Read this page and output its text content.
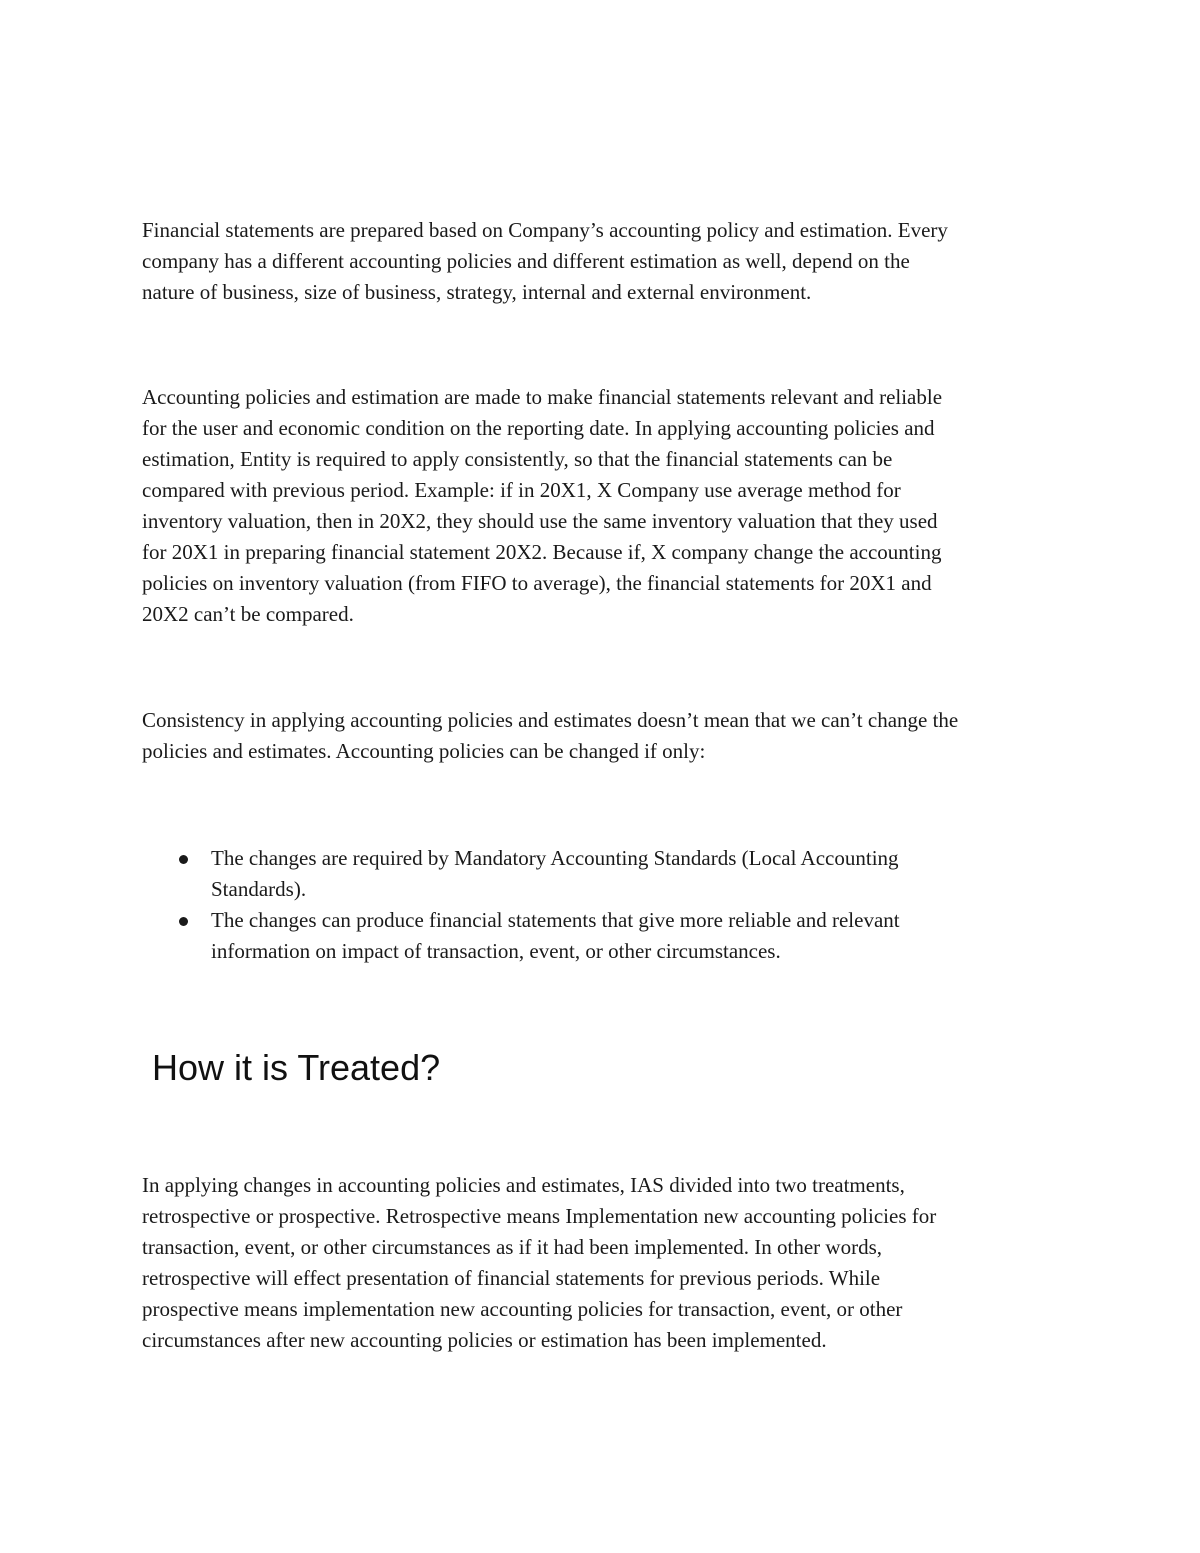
Financial statements are prepared based on Company’s accounting policy and estimation. Every
company has a different accounting policies and different estimation as well, depend on the
nature of business, size of business, strategy, internal and external environment.

Accounting policies and estimation are made to make financial statements relevant and reliable
for the user and economic condition on the reporting date. In applying accounting policies and
estimation, Entity is required to apply consistently, so that the financial statements can be
compared with previous period. Example: if in 20X1, X Company use average method for
inventory valuation, then in 20X2, they should use the same inventory valuation that they used
for 20X1 in preparing financial statement 20X2. Because if, X company change the accounting
policies on inventory valuation (from FIFO to average), the financial statements for 20X1 and
20X2 can’t be compared.

Consistency in applying accounting policies and estimates doesn’t mean that we can’t change the
policies and estimates. Accounting policies can be changed if only:

The changes are required by Mandatory Accounting Standards (Local Accounting
Standards).
The changes can produce financial statements that give more reliable and relevant
information on impact of transaction, event, or other circumstances.
How it is Treated?

In applying changes in accounting policies and estimates, IAS divided into two treatments,
retrospective or prospective. Retrospective means Implementation new accounting policies for
transaction, event, or other circumstances as if it had been implemented. In other words,
retrospective will effect presentation of financial statements for previous periods. While
prospective means implementation new accounting policies for transaction, event, or other
circumstances after new accounting policies or estimation has been implemented.
